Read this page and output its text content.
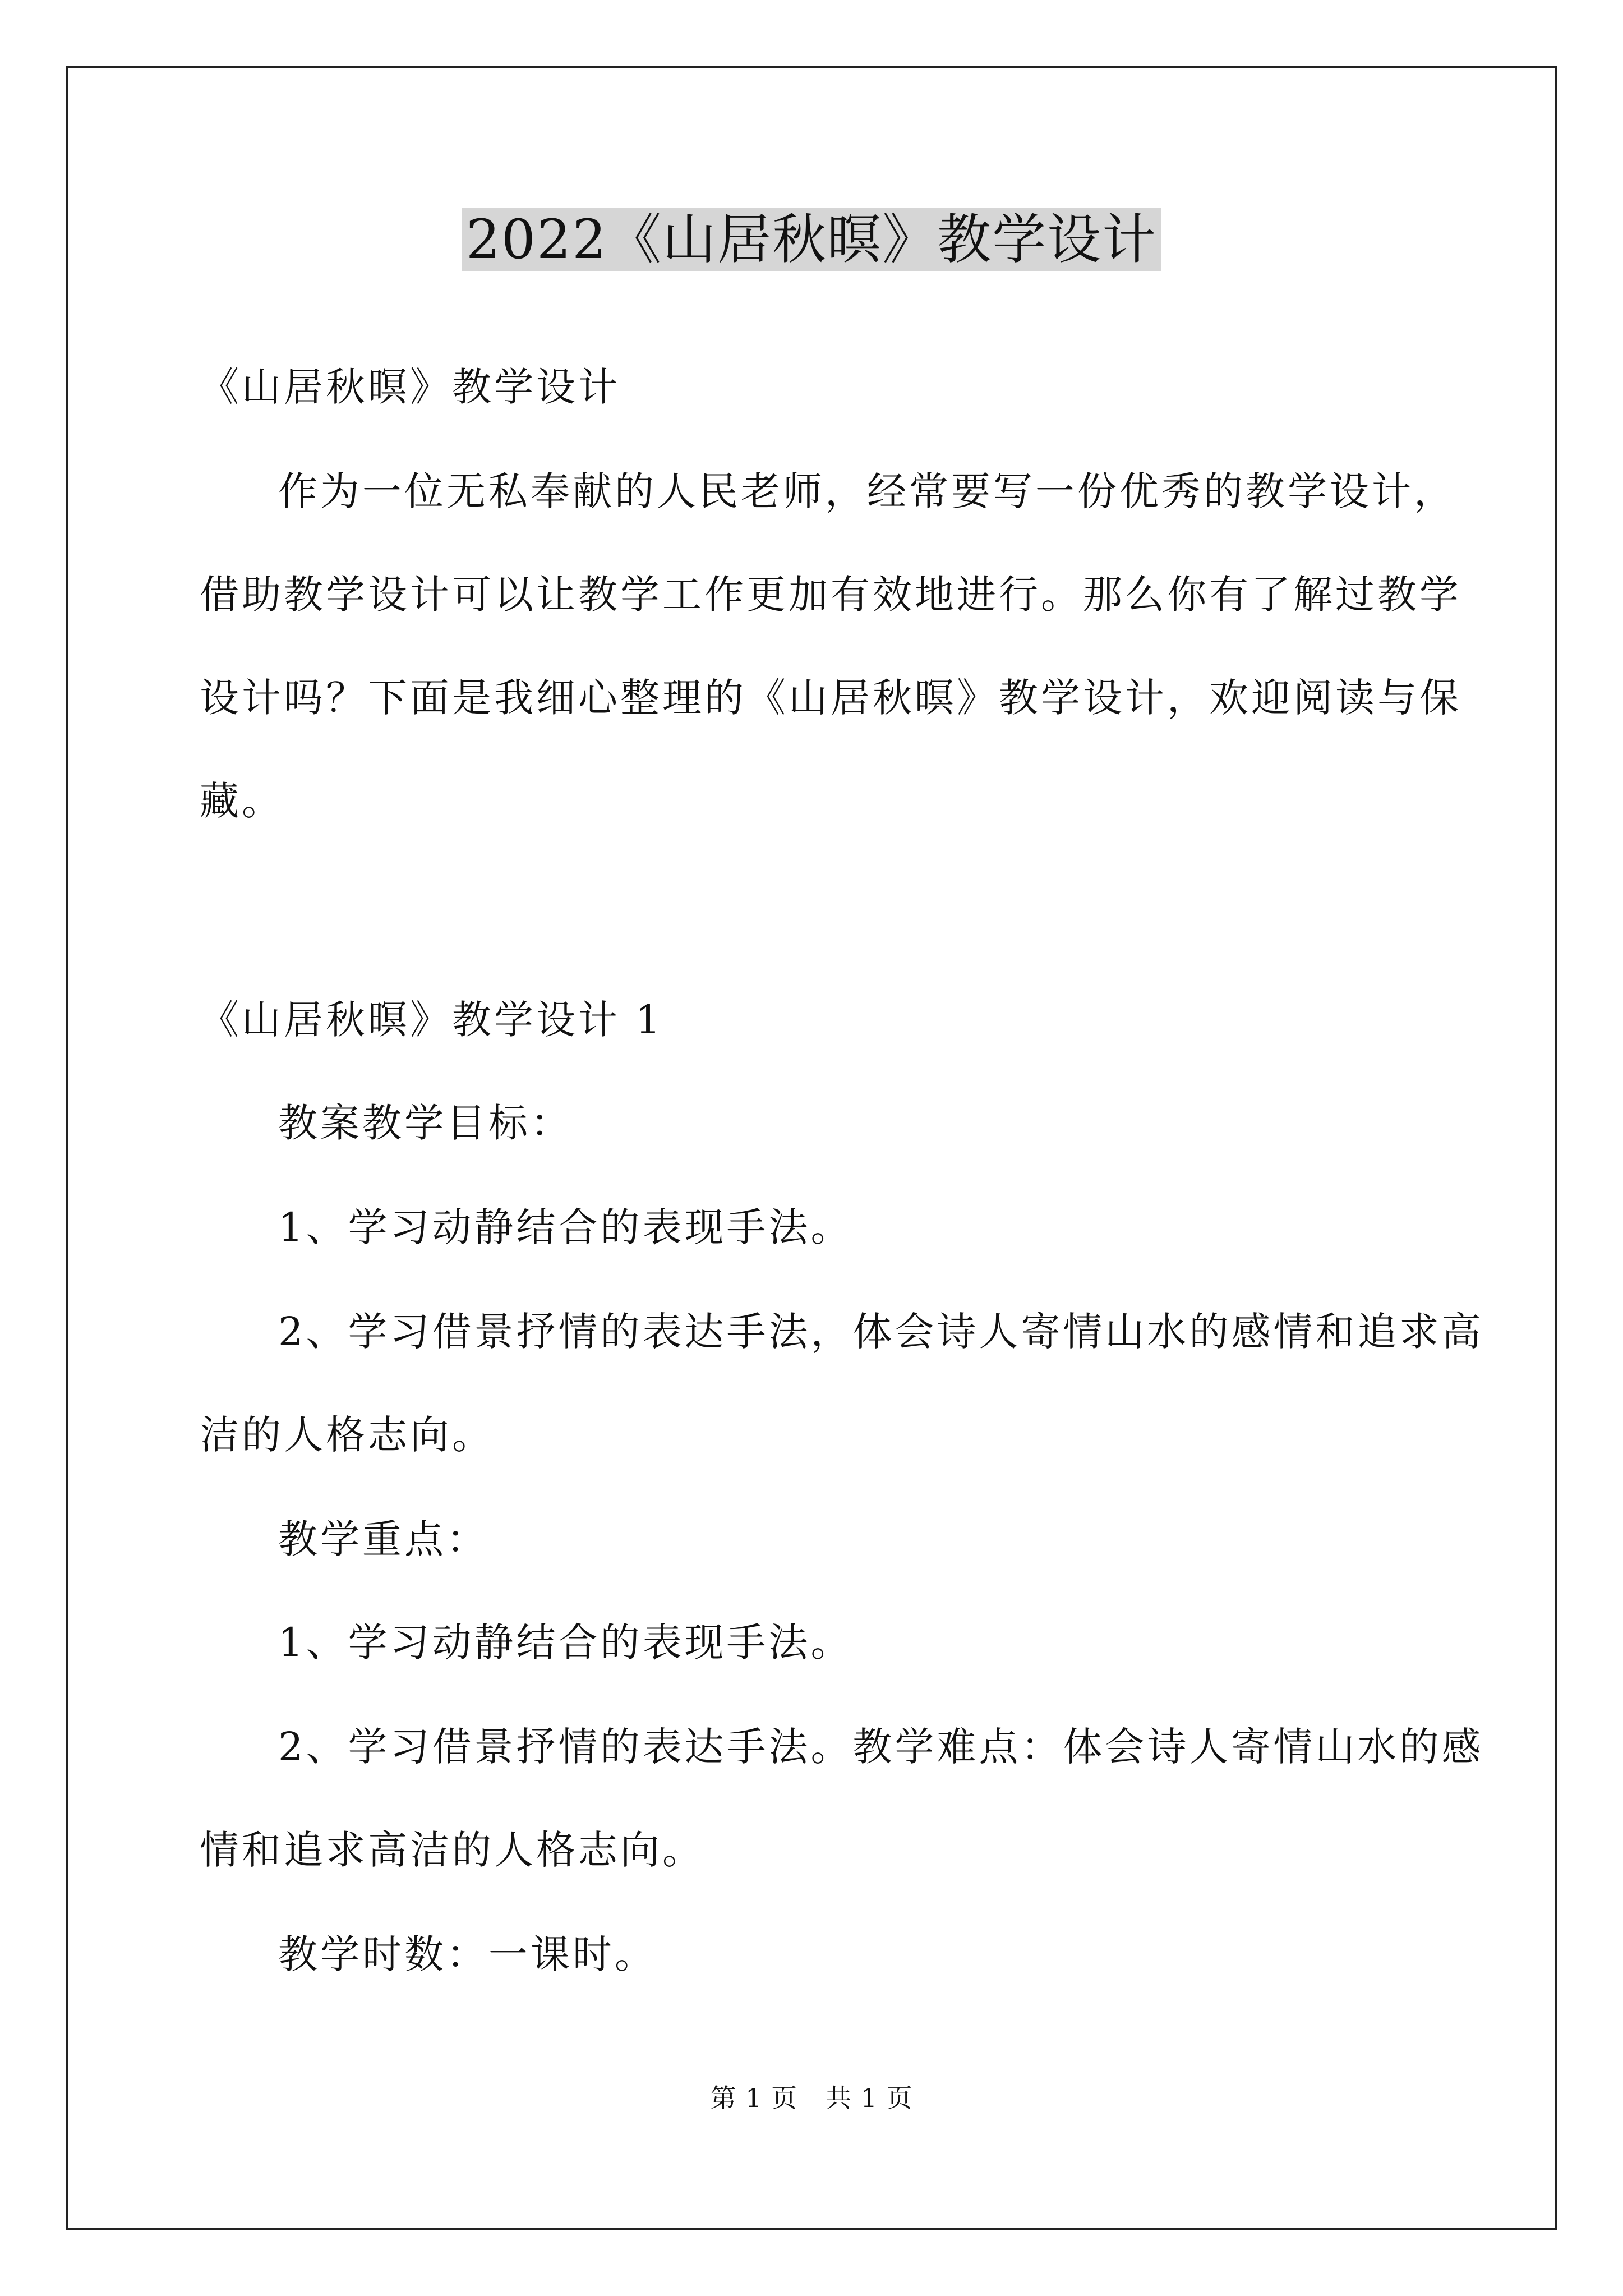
2022《山居秋暝》教学设计
《山居秋暝》教学设计
作为一位无私奉献的人民老师，经常要写一份优秀的教学设计，
借助教学设计可以让教学工作更加有效地进行。那么你有了解过教学
设计吗？下面是我细心整理的《山居秋暝》教学设计，欢迎阅读与保
藏。
《山居秋暝》教学设计 1
教案教学目标：
1、学习动静结合的表现手法。
2、学习借景抒情的表达手法，体会诗人寄情山水的感情和追求高
洁的人格志向。
教学重点：
1、学习动静结合的表现手法。
2、学习借景抒情的表达手法。教学难点：体会诗人寄情山水的感
情和追求高洁的人格志向。
教学时数：一课时。
第 1 页 共 1 页
